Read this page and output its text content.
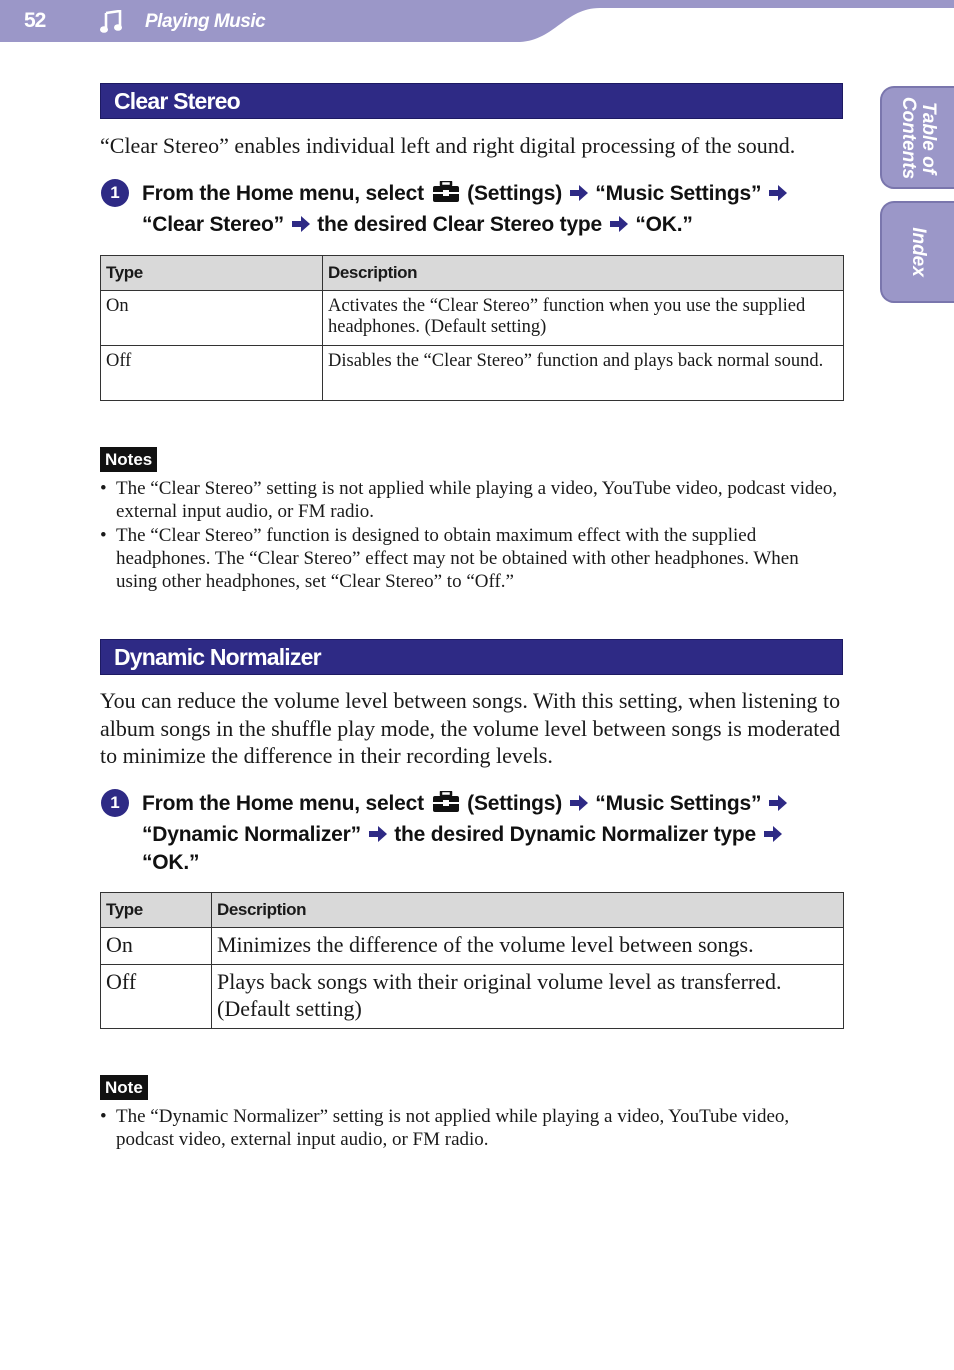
52	Playing Music
Table of Contents
Index
Clear Stereo

“Clear Stereo” enables individual left and right digital processing of the sound.

1	From the Home menu, select (Settings) “Music Settings”  “Clear Stereo” the desired Clear Stereo type “OK.”
Type	Description
On	Activates the “Clear Stereo” function when you use the supplied headphones. (Default setting)
Off	Disables the “Clear Stereo” function and plays back normal sound.
Notes
• The “Clear Stereo” setting is not applied while playing a video, YouTube video, podcast video, external input audio, or FM radio.
• The “Clear Stereo” function is designed to obtain maximum effect with the supplied headphones. The “Clear Stereo” effect may not be obtained with other headphones. When using other headphones, set “Clear Stereo” to “Off.”
Dynamic Normalizer

You can reduce the volume level between songs. With this setting, when listening to album songs in the shuffle play mode, the volume level between songs is moderated to minimize the difference in their recording levels.

1	From the Home menu, select (Settings) “Music Settings”  “Dynamic Normalizer” the desired Dynamic Normalizer type  “OK.”
Type	Description
On	Minimizes the difference of the volume level between songs.
Off	Plays back songs with their original volume level as transferred. (Default setting)
Note
• The “Dynamic Normalizer” setting is not applied while playing a video, YouTube video, podcast video, external input audio, or FM radio.
